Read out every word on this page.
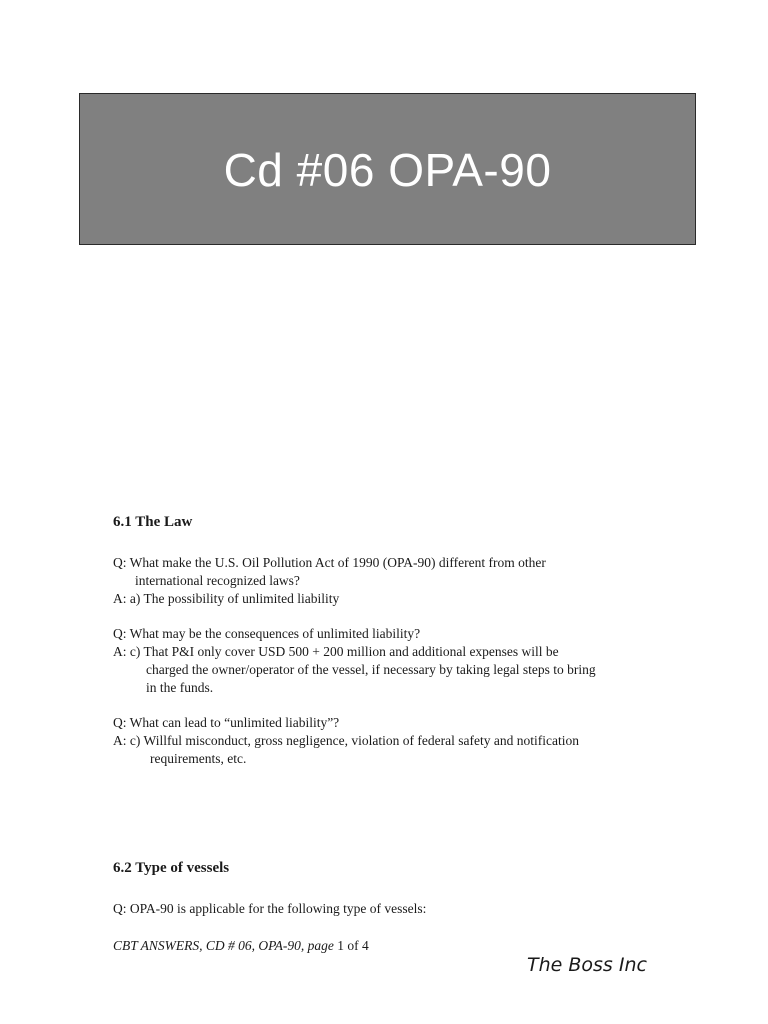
Cd #06 OPA-90
6.1 The Law
Q: What make the U.S. Oil Pollution Act of 1990 (OPA-90) different from other
international recognized laws?
A: a) The possibility of unlimited liability
Q: What may be the consequences of unlimited liability?
A: c) That P&I only cover USD 500 + 200 million and additional expenses will be
charged the owner/operator of the vessel, if necessary by taking legal steps to bring
in the funds.
Q: What can lead to “unlimited liability”?
A: c) Willful misconduct, gross negligence, violation of federal safety and notification
requirements, etc.
6.2 Type of vessels
Q: OPA-90 is applicable for the following type of vessels:
CBT ANSWERS, CD # 06, OPA-90, page 1 of 4
The Boss Inc
